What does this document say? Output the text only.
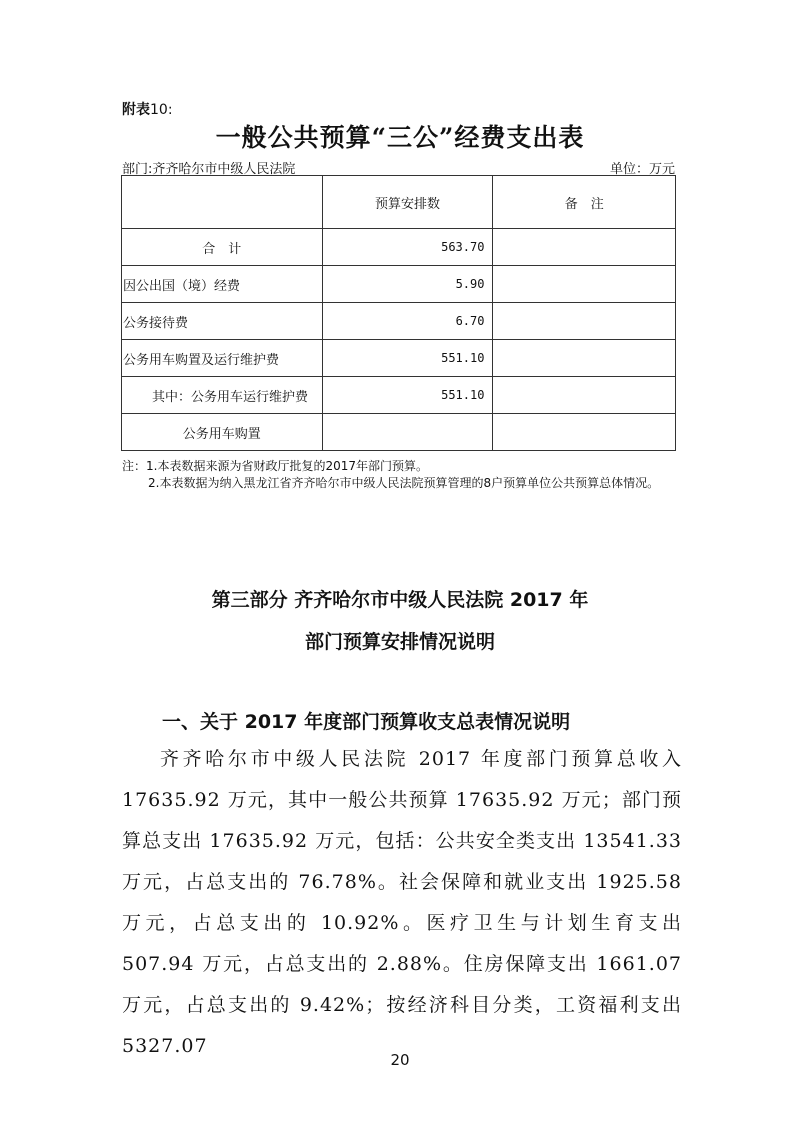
附表10:
一般公共预算“三公”经费支出表
部门:齐齐哈尔市中级人民法院	单位：万元
	预算安排数	备　注
合　计	563.70	
因公出国（境）经费	5.90	
公务接待费	6.70	
公务用车购置及运行维护费	551.10	
其中：公务用车运行维护费	551.10	
公务用车购置		
注：1.本表数据来源为省财政厅批复的2017年部门预算。
2.本表数据为纳入黑龙江省齐齐哈尔市中级人民法院预算管理的8户预算单位公共预算总体情况。
第三部分 齐齐哈尔市中级人民法院 2017 年
部门预算安排情况说明
一、关于 2017 年度部门预算收支总表情况说明
齐齐哈尔市中级人民法院 2017 年度部门预算总收入 17635.92 万元，其中一般公共预算 17635.92 万元；部门预算总支出 17635.92 万元，包括：公共安全类支出 13541.33 万元，占总支出的 76.78%。社会保障和就业支出 1925.58 万元，占总支出的 10.92%。医疗卫生与计划生育支出 507.94 万元，占总支出的 2.88%。住房保障支出 1661.07 万元，占总支出的 9.42%；按经济科目分类，工资福利支出 5327.07
20
